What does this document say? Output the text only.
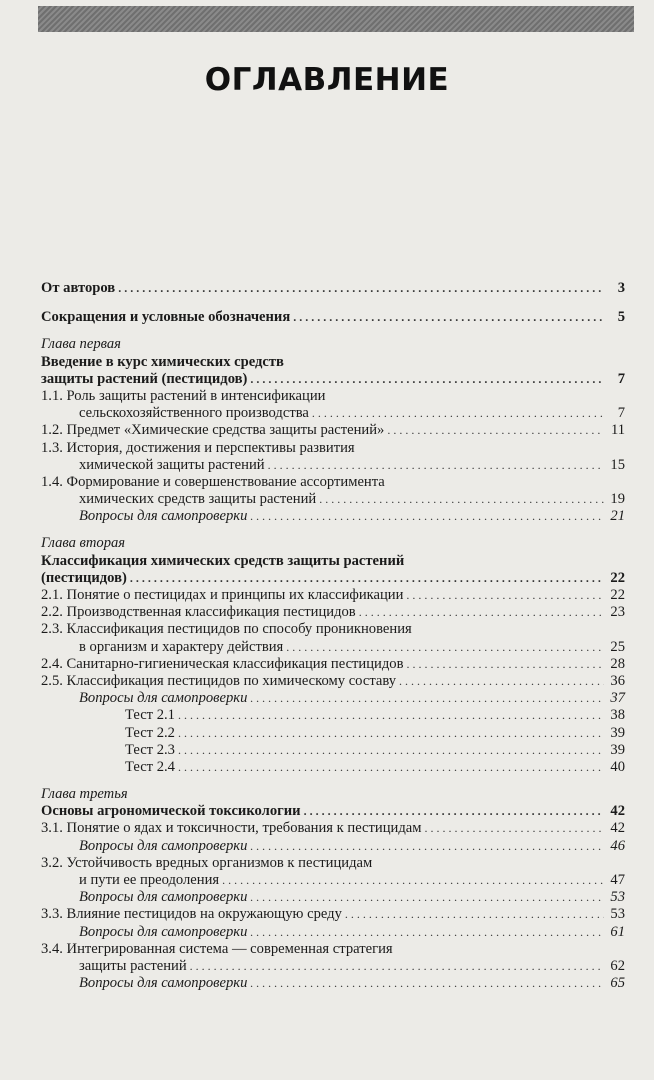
ОГЛАВЛЕНИЕ
От авторов . . .	3
Сокращения и условные обозначения . . .	5
Глава первая
Введение в курс химических средств
защиты растений (пестицидов) . . .	7
1.1. Роль защиты растений в интенсификации
сельскохозяйственного производства . . .	7
1.2. Предмет «Химические средства защиты растений» . . .	11
1.3. История, достижения и перспективы развития
химической защиты растений . . .	15
1.4. Формирование и совершенствование ассортимента
химических средств защиты растений . . .	19
Вопросы для самопроверки . . .	21
Глава вторая
Классификация химических средств защиты растений
(пестицидов) . . .	22
2.1. Понятие о пестицидах и принципы их классификации . . .	22
2.2. Производственная классификация пестицидов . . .	23
2.3. Классификация пестицидов по способу проникновения
в организм и характеру действия . . .	25
2.4. Санитарно-гигиеническая классификация пестицидов . . .	28
2.5. Классификация пестицидов по химическому составу . . .	36
Вопросы для самопроверки . . .	37
Тест 2.1 . . .	38
Тест 2.2 . . .	39
Тест 2.3 . . .	39
Тест 2.4 . . .	40
Глава третья
Основы агрономической токсикологии . . .	42
3.1. Понятие о ядах и токсичности, требования к пестицидам . . .	42
Вопросы для самопроверки . . .	46
3.2. Устойчивость вредных организмов к пестицидам
и пути ее преодоления . . .	47
Вопросы для самопроверки . . .	53
3.3. Влияние пестицидов на окружающую среду . . .	53
Вопросы для самопроверки . . .	61
3.4. Интегрированная система — современная стратегия
защиты растений . . .	62
Вопросы для самопроверки . . .	65
